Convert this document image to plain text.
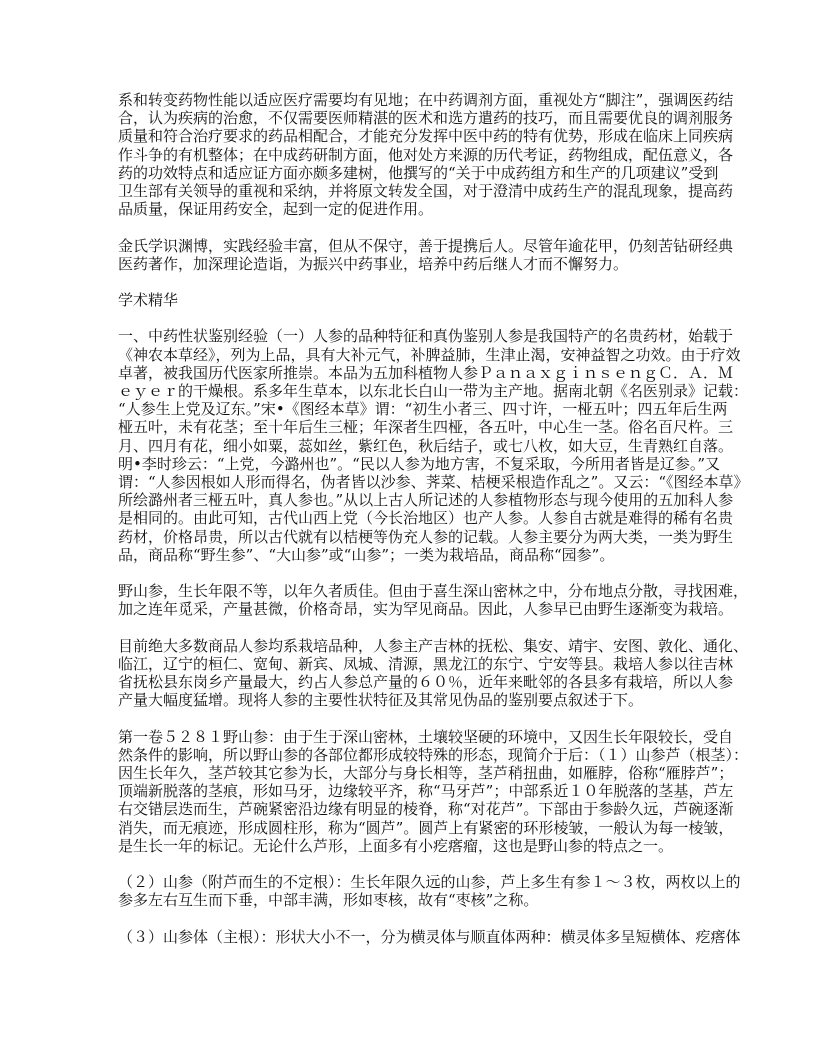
系和转变药物性能以适应医疗需要均有见地；在中药调剂方面，重视处方“脚注”，强调医药结
合，认为疾病的治愈，不仅需要医师精湛的医术和选方遣药的技巧，而且需要优良的调剂服务
质量和符合治疗要求的药品相配合，才能充分发挥中医中药的特有优势，形成在临床上同疾病
作斗争的有机整体；在中成药研制方面，他对处方来源的历代考证，药物组成，配伍意义，各
药的功效特点和适应证方面亦颇多建树，他撰写的“关于中成药组方和生产的几项建议”受到
卫生部有关领导的重视和采纳，并将原文转发全国，对于澄清中成药生产的混乱现象，提高药
品质量，保证用药安全，起到一定的促进作用。
金氏学识渊博，实践经验丰富，但从不保守，善于提携后人。尽管年逾花甲，仍刻苦钻研经典
医药著作，加深理论造诣，为振兴中药事业，培养中药后继人才而不懈努力。
学术精华
一、中药性状鉴别经验（一）人参的品种特征和真伪鉴别人参是我国特产的名贵药材，始载于
《神农本草经》，列为上品，具有大补元气，补脾益肺，生津止渴，安神益智之功效。由于疗效
卓著，被我国历代医家所推崇。本品为五加科植物人参ＰａｎａｘｇｉｎｓｅｎｇＣ．Ａ．Ｍ
ｅｙｅｒ的干燥根。系多年生草本，以东北长白山一带为主产地。据南北朝《名医别录》记载：
“人参生上党及辽东。”宋•《图经本草》谓：“初生小者三、四寸许，一桠五叶；四五年后生两
桠五叶，未有花茎；至十年后生三桠；年深者生四桠，各五叶，中心生一茎。俗名百尺杵。三
月、四月有花，细小如粟，蕊如丝，紫红色，秋后结子，或七八枚，如大豆，生青熟红自落。
明•李时珍云：“上党，今潞州也”。“民以人参为地方害，不复采取，今所用者皆是辽参。”又
谓：“人参因根如人形而得名，伪者皆以沙参、荠菜、桔梗采根造作乱之”。又云：“《图经本草》
所绘潞州者三桠五叶，真人参也。”从以上古人所记述的人参植物形态与现今使用的五加科人参
是相同的。由此可知，古代山西上党（今长治地区）也产人参。人参自古就是难得的稀有名贵
药材，价格昂贵，所以古代就有以桔梗等伪充人参的记载。人参主要分为两大类，一类为野生
品，商品称“野生参”、“大山参”或“山参”；一类为栽培品，商品称“园参”。
野山参，生长年限不等，以年久者质佳。但由于喜生深山密林之中，分布地点分散，寻找困难，
加之连年觅采，产量甚微，价格奇昂，实为罕见商品。因此，人参早已由野生逐渐变为栽培。
目前绝大多数商品人参均系栽培品种，人参主产吉林的抚松、集安、靖宇、安图、敦化、通化、
临江，辽宁的桓仁、宽甸、新宾、凤城、清源，黑龙江的东宁、宁安等县。栽培人参以往吉林
省抚松县东岗乡产量最大，约占人参总产量的６０％，近年来毗邻的各县多有栽培，所以人参
产量大幅度猛增。现将人参的主要性状特征及其常见伪品的鉴别要点叙述于下。
第一卷５２８１野山参：由于生于深山密林，土壤较坚硬的环境中，又因生长年限较长，受自
然条件的影响，所以野山参的各部位都形成较特殊的形态，现简介于后：（１）山参芦（根茎）：
因生长年久，茎芦较其它参为长，大部分与身长相等，茎芦稍扭曲，如雁脖，俗称“雁脖芦”；
顶端新脱落的茎痕，形如马牙，边缘较平齐，称“马牙芦”；中部系近１０年脱落的茎基，芦左
右交错层迭而生，芦碗紧密沿边缘有明显的棱脊，称“对花芦”。下部由于参龄久远，芦碗逐渐
消失，而无痕迹，形成圆柱形，称为“圆芦”。圆芦上有紧密的环形棱皱，一般认为每一棱皱，
是生长一年的标记。无论什么芦形，上面多有小疙瘩瘤，这也是野山参的特点之一。
（２）山参（附芦而生的不定根）：生长年限久远的山参，芦上多生有参１～３枚，两枚以上的
参多左右互生而下垂，中部丰满，形如枣核，故有“枣核”之称。
（３）山参体（主根）：形状大小不一，分为横灵体与顺直体两种：横灵体多呈短横体、疙瘩体
